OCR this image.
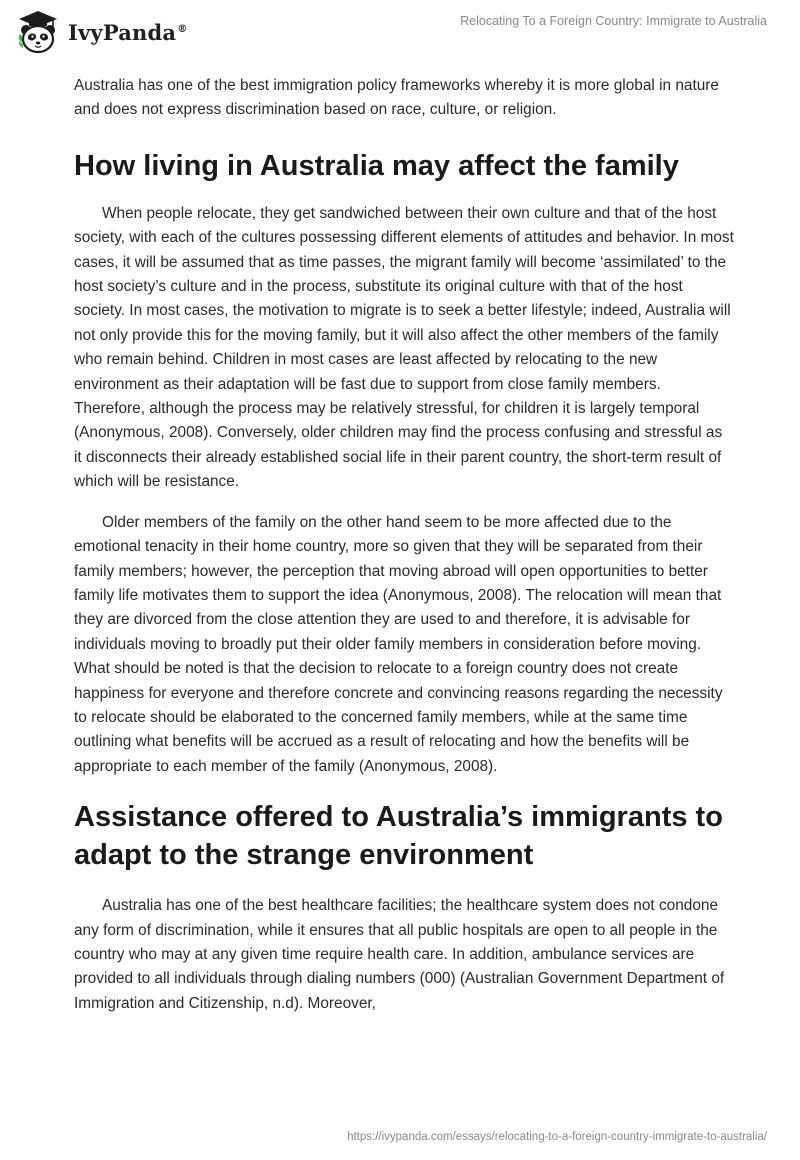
IvyPanda®
Relocating To a Foreign Country: Immigrate to Australia

Australia has one of the best immigration policy frameworks whereby it is more global in nature and does not express discrimination based on race, culture, or religion.

How living in Australia may affect the family

When people relocate, they get sandwiched between their own culture and that of the host society, with each of the cultures possessing different elements of attitudes and behavior. In most cases, it will be assumed that as time passes, the migrant family will become ‘assimilated’ to the host society’s culture and in the process, substitute its original culture with that of the host society. In most cases, the motivation to migrate is to seek a better lifestyle; indeed, Australia will not only provide this for the moving family, but it will also affect the other members of the family who remain behind. Children in most cases are least affected by relocating to the new environment as their adaptation will be fast due to support from close family members. Therefore, although the process may be relatively stressful, for children it is largely temporal (Anonymous, 2008). Conversely, older children may find the process confusing and stressful as it disconnects their already established social life in their parent country, the short-term result of which will be resistance.

Older members of the family on the other hand seem to be more affected due to the emotional tenacity in their home country, more so given that they will be separated from their family members; however, the perception that moving abroad will open opportunities to better family life motivates them to support the idea (Anonymous, 2008). The relocation will mean that they are divorced from the close attention they are used to and therefore, it is advisable for individuals moving to broadly put their older family members in consideration before moving. What should be noted is that the decision to relocate to a foreign country does not create happiness for everyone and therefore concrete and convincing reasons regarding the necessity to relocate should be elaborated to the concerned family members, while at the same time outlining what benefits will be accrued as a result of relocating and how the benefits will be appropriate to each member of the family (Anonymous, 2008).

Assistance offered to Australia’s immigrants to adapt to the strange environment

Australia has one of the best healthcare facilities; the healthcare system does not condone any form of discrimination, while it ensures that all public hospitals are open to all people in the country who may at any given time require health care. In addition, ambulance services are provided to all individuals through dialing numbers (000) (Australian Government Department of Immigration and Citizenship, n.d). Moreover,

https://ivypanda.com/essays/relocating-to-a-foreign-country-immigrate-to-australia/
